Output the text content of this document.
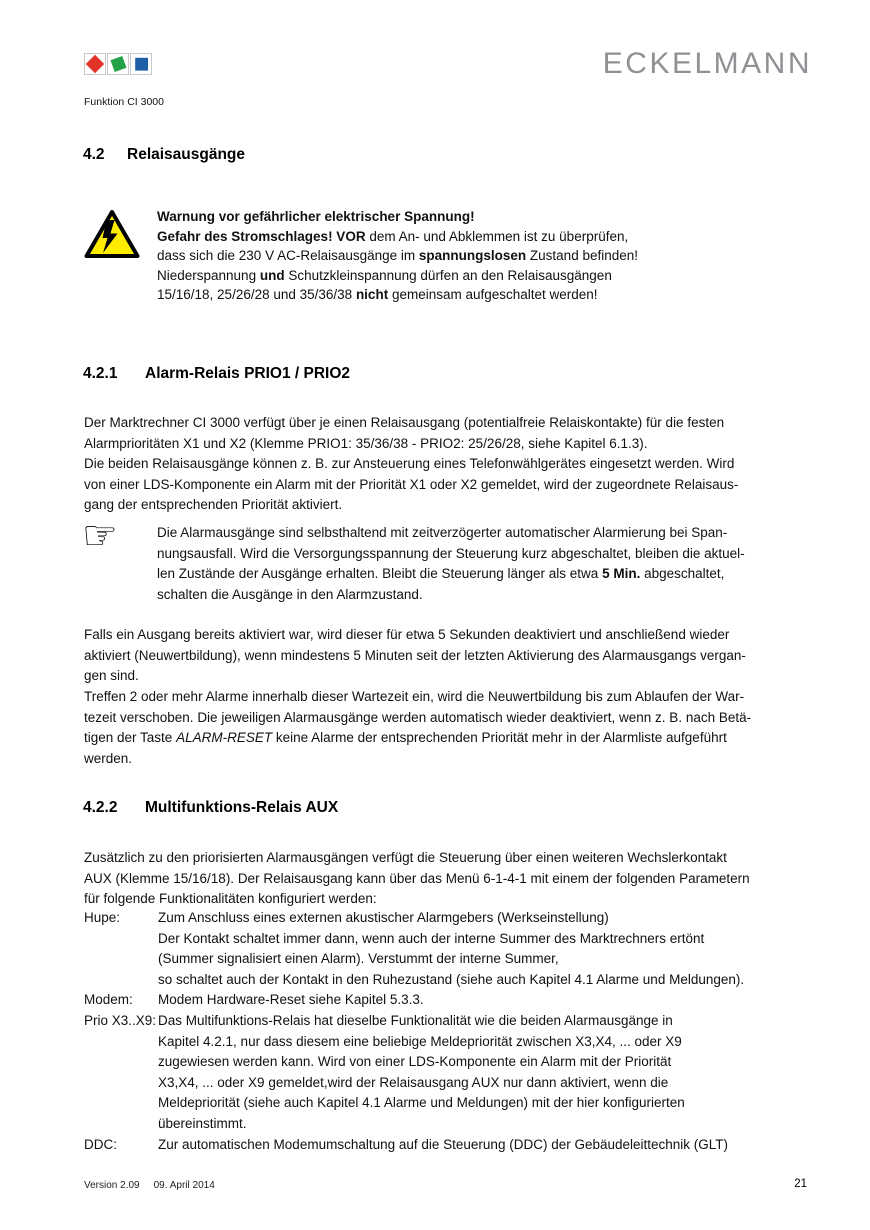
Funktion CI 3000
ECKELMANN
4.2 Relaisausgänge
Warnung vor gefährlicher elektrischer Spannung!
Gefahr des Stromschlages! VOR dem An- und Abklemmen ist zu überprüfen,
dass sich die 230 V AC-Relaisausgänge im spannungslosen Zustand befinden!
Niederspannung und Schutzkleinspannung dürfen an den Relaisausgängen
15/16/18, 25/26/28 und 35/36/38 nicht gemeinsam aufgeschaltet werden!
4.2.1 Alarm-Relais PRIO1 / PRIO2
Der Marktrechner CI 3000 verfügt über je einen Relaisausgang (potentialfreie Relaiskontakte) für die festen
Alarmprioritäten X1 und X2 (Klemme PRIO1: 35/36/38 - PRIO2: 25/26/28, siehe Kapitel 6.1.3).
Die beiden Relaisausgänge können z. B. zur Ansteuerung eines Telefonwählgerätes eingesetzt werden. Wird
von einer LDS-Komponente ein Alarm mit der Priorität X1 oder X2 gemeldet, wird der zugeordnete Relaisaus-
gang der entsprechenden Priorität aktiviert.
☞	Die Alarmausgänge sind selbsthaltend mit zeitverzögerter automatischer Alarmierung bei Span-
nungsausfall. Wird die Versorgungsspannung der Steuerung kurz abgeschaltet, bleiben die aktuel-
len Zustände der Ausgänge erhalten. Bleibt die Steuerung länger als etwa 5 Min. abgeschaltet,
schalten die Ausgänge in den Alarmzustand.
Falls ein Ausgang bereits aktiviert war, wird dieser für etwa 5 Sekunden deaktiviert und anschließend wieder
aktiviert (Neuwertbildung), wenn mindestens 5 Minuten seit der letzten Aktivierung des Alarmausgangs vergan-
gen sind.
Treffen 2 oder mehr Alarme innerhalb dieser Wartezeit ein, wird die Neuwertbildung bis zum Ablaufen der War-
tezeit verschoben. Die jeweiligen Alarmausgänge werden automatisch wieder deaktiviert, wenn z. B. nach Betä-
tigen der Taste ALARM-RESET keine Alarme der entsprechenden Priorität mehr in der Alarmliste aufgeführt
werden.
4.2.2 Multifunktions-Relais AUX
Zusätzlich zu den priorisierten Alarmausgängen verfügt die Steuerung über einen weiteren Wechslerkontakt
AUX (Klemme 15/16/18). Der Relaisausgang kann über das Menü 6-1-4-1 mit einem der folgenden Parametern
für folgende Funktionalitäten konfiguriert werden:
Hupe:	Zum Anschluss eines externen akustischer Alarmgebers (Werkseinstellung)
Der Kontakt schaltet immer dann, wenn auch der interne Summer des Marktrechners ertönt
(Summer signalisiert einen Alarm). Verstummt der interne Summer,
so schaltet auch der Kontakt in den Ruhezustand (siehe auch Kapitel 4.1 Alarme und Meldungen).
Modem:	Modem Hardware-Reset siehe Kapitel 5.3.3.
Prio X3..X9: Das Multifunktions-Relais hat dieselbe Funktionalität wie die beiden Alarmausgänge in
Kapitel 4.2.1, nur dass diesem eine beliebige Meldepriorität zwischen X3,X4, ... oder X9
zugewiesen werden kann. Wird von einer LDS-Komponente ein Alarm mit der Priorität
X3,X4, ... oder X9 gemeldet,wird der Relaisausgang AUX nur dann aktiviert, wenn die
Meldepriorität (siehe auch Kapitel 4.1 Alarme und Meldungen) mit der hier konfigurierten
übereinstimmt.
DDC:	Zur automatischen Modemumschaltung auf die Steuerung (DDC) der Gebäudeleittechnik (GLT)
Version 2.09 09. April 2014	21
